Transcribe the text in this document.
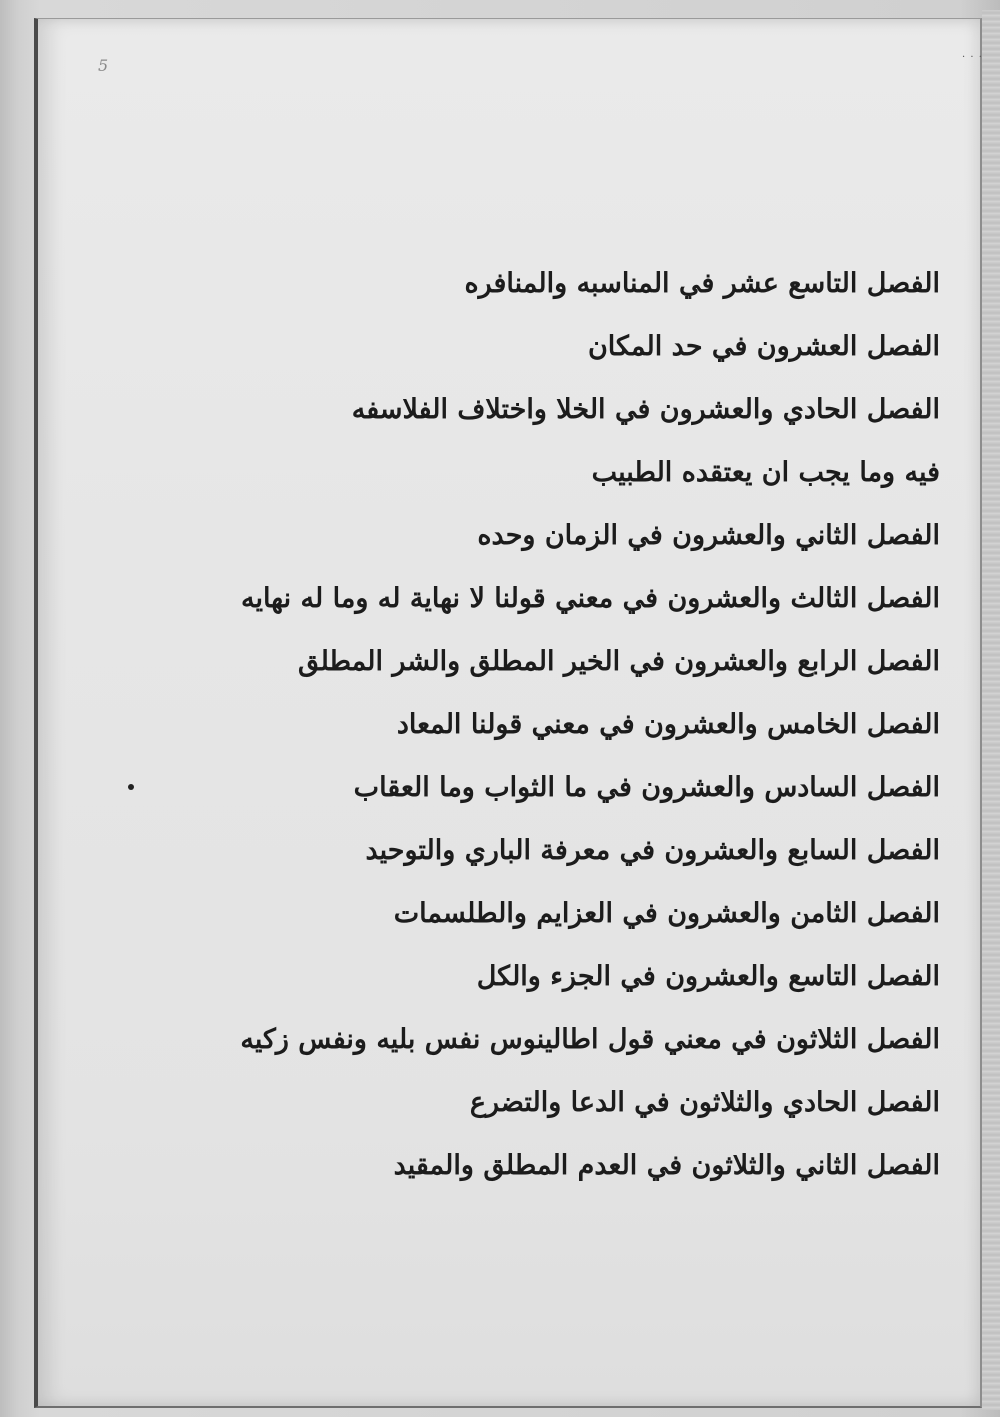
5	· · ·
الفصل التاسع عشر في المناسبه والمنافره
الفصل العشرون في حد المكان
الفصل الحادي والعشرون في الخلا واختلاف الفلاسفه
فيه وما يجب ان يعتقده الطبيب
الفصل الثاني والعشرون في الزمان وحده
الفصل الثالث والعشرون في معني قولنا لا نهاية له وما له نهايه
الفصل الرابع والعشرون في الخير المطلق والشر المطلق
الفصل الخامس والعشرون في معني قولنا المعاد
الفصل السادس والعشرون في ما الثواب وما العقاب
الفصل السابع والعشرون في معرفة الباري والتوحيد
الفصل الثامن والعشرون في العزايم والطلسمات
الفصل التاسع والعشرون في الجزء والكل
الفصل الثلاثون في معني قول اطالينوس نفس بليه ونفس زكيه
الفصل الحادي والثلاثون في الدعا والتضرع
الفصل الثاني والثلاثون في العدم المطلق والمقيد
